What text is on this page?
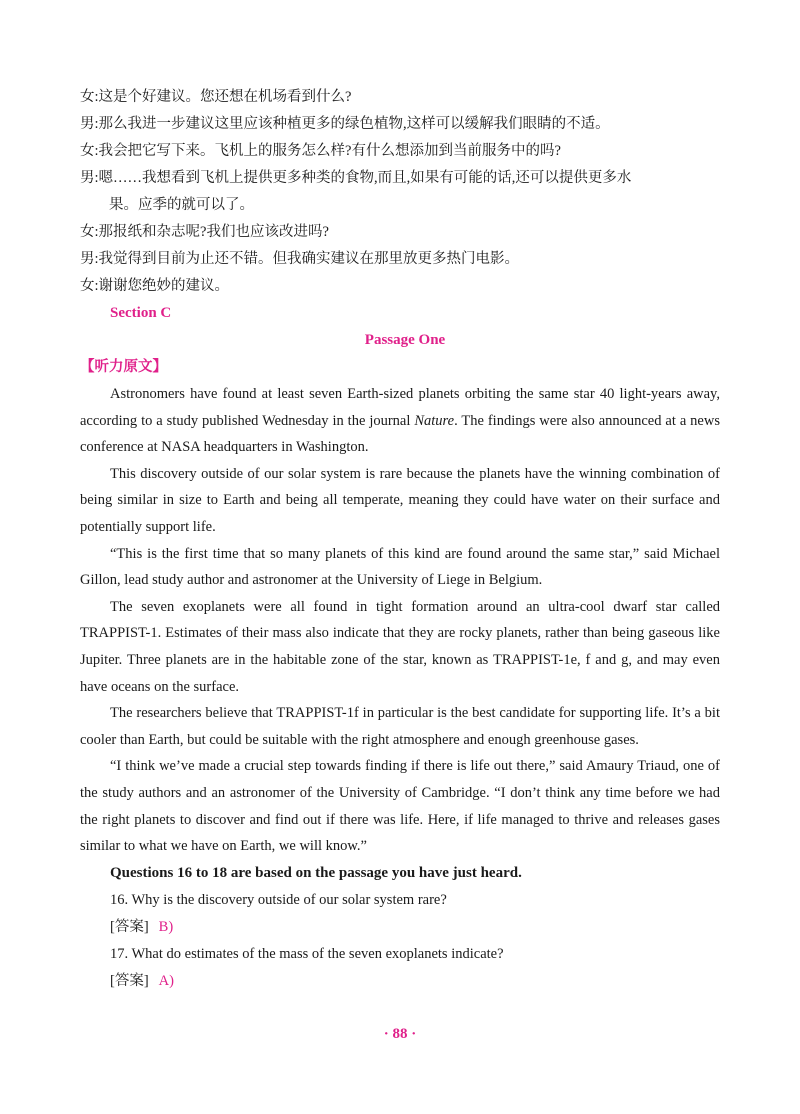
女:这是个好建议。您还想在机场看到什么?

男:那么我进一步建议这里应该种植更多的绿色植物,这样可以缓解我们眼睛的不适。

女:我会把它写下来。飞机上的服务怎么样?有什么想添加到当前服务中的吗?

男:嗯……我想看到飞机上提供更多种类的食物,而且,如果有可能的话,还可以提供更多水

果。应季的就可以了。

女:那报纸和杂志呢?我们也应该改进吗?

男:我觉得到目前为止还不错。但我确实建议在那里放更多热门电影。

女:谢谢您绝妙的建议。

Section C

Passage One

【听力原文】

Astronomers have found at least seven Earth-sized planets orbiting the same star 40 light-years away, according to a study published Wednesday in the journal Nature. The findings were also announced at a news conference at NASA headquarters in Washington.

This discovery outside of our solar system is rare because the planets have the winning combination of being similar in size to Earth and being all temperate, meaning they could have water on their surface and potentially support life.

“This is the first time that so many planets of this kind are found around the same star,” said Michael Gillon, lead study author and astronomer at the University of Liege in Belgium.

The seven exoplanets were all found in tight formation around an ultra-cool dwarf star called TRAPPIST-1. Estimates of their mass also indicate that they are rocky planets, rather than being gaseous like Jupiter. Three planets are in the habitable zone of the star, known as TRAPPIST-1e, f and g, and may even have oceans on the surface.

The researchers believe that TRAPPIST-1f in particular is the best candidate for supporting life. It’s a bit cooler than Earth, but could be suitable with the right atmosphere and enough greenhouse gases.

“I think we’ve made a crucial step towards finding if there is life out there,” said Amaury Triaud, one of the study authors and an astronomer of the University of Cambridge. “I don’t think any time before we had the right planets to discover and find out if there was life. Here, if life managed to thrive and releases gases similar to what we have on Earth, we will know.”

Questions 16 to 18 are based on the passage you have just heard.

16. Why is the discovery outside of our solar system rare?

[答案] B)

17. What do estimates of the mass of the seven exoplanets indicate?

[答案] A)

· 88 ·
